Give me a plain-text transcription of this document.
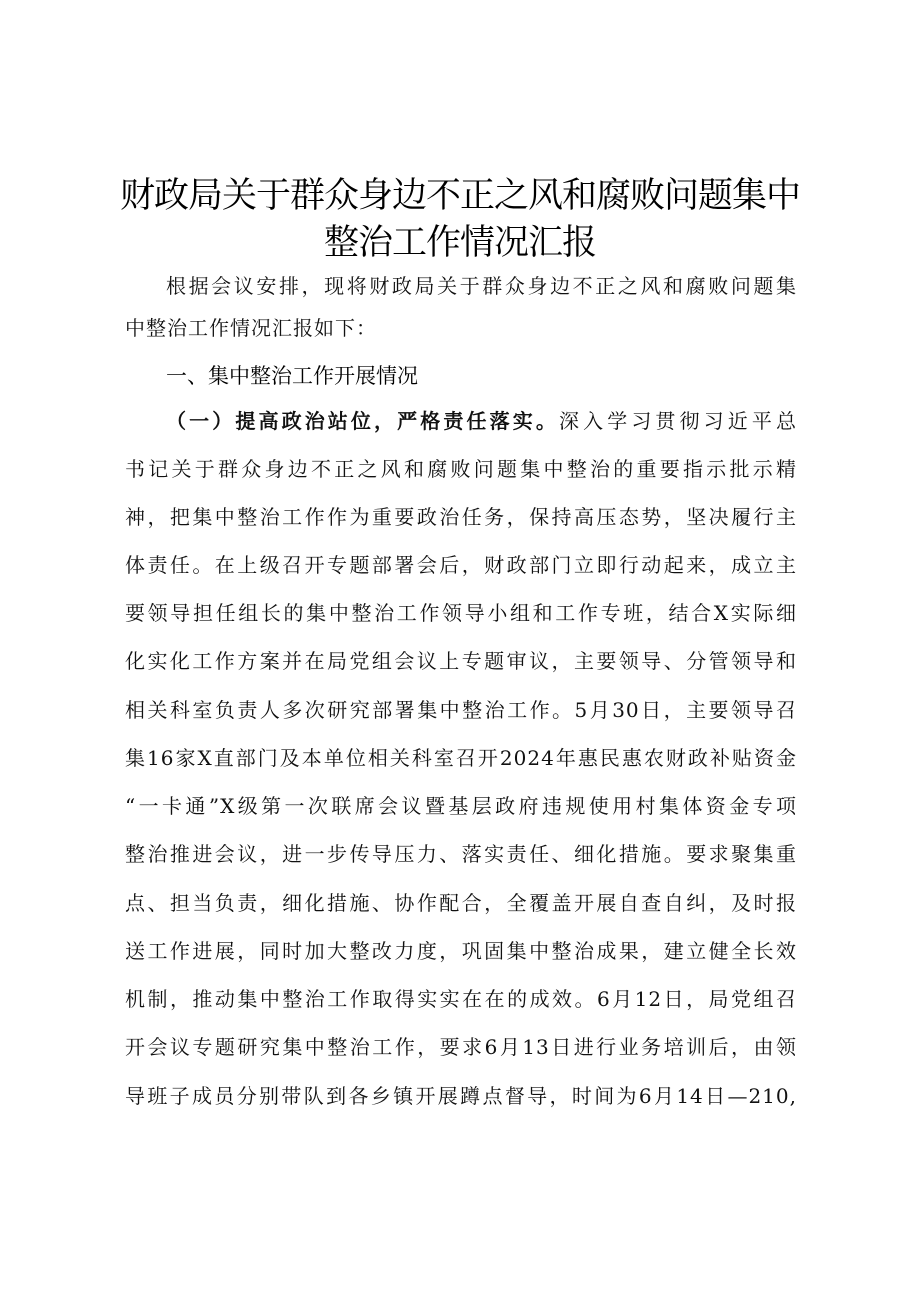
财政局关于群众身边不正之风和腐败问题集中
整治工作情况汇报
根据会议安排，现将财政局关于群众身边不正之风和腐败问题集
中整治工作情况汇报如下：
一、集中整治工作开展情况
（一）提高政治站位，严格责任落实。深入学习贯彻习近平总
书记关于群众身边不正之风和腐败问题集中整治的重要指示批示精
神，把集中整治工作作为重要政治任务，保持高压态势，坚决履行主
体责任。在上级召开专题部署会后，财政部门立即行动起来，成立主
要领导担任组长的集中整治工作领导小组和工作专班，结合X实际细
化实化工作方案并在局党组会议上专题审议，主要领导、分管领导和
相关科室负责人多次研究部署集中整治工作。5月30日，主要领导召
集16家X直部门及本单位相关科室召开2024年惠民惠农财政补贴资金
“一卡通”X级第一次联席会议暨基层政府违规使用村集体资金专项
整治推进会议，进一步传导压力、落实责任、细化措施。要求聚集重
点、担当负责，细化措施、协作配合，全覆盖开展自查自纠，及时报
送工作进展，同时加大整改力度，巩固集中整治成果，建立健全长效
机制，推动集中整治工作取得实实在在的成效。6月12日，局党组召
开会议专题研究集中整治工作，要求6月13日进行业务培训后，由领
导班子成员分别带队到各乡镇开展蹲点督导，时间为6月14日—210,
